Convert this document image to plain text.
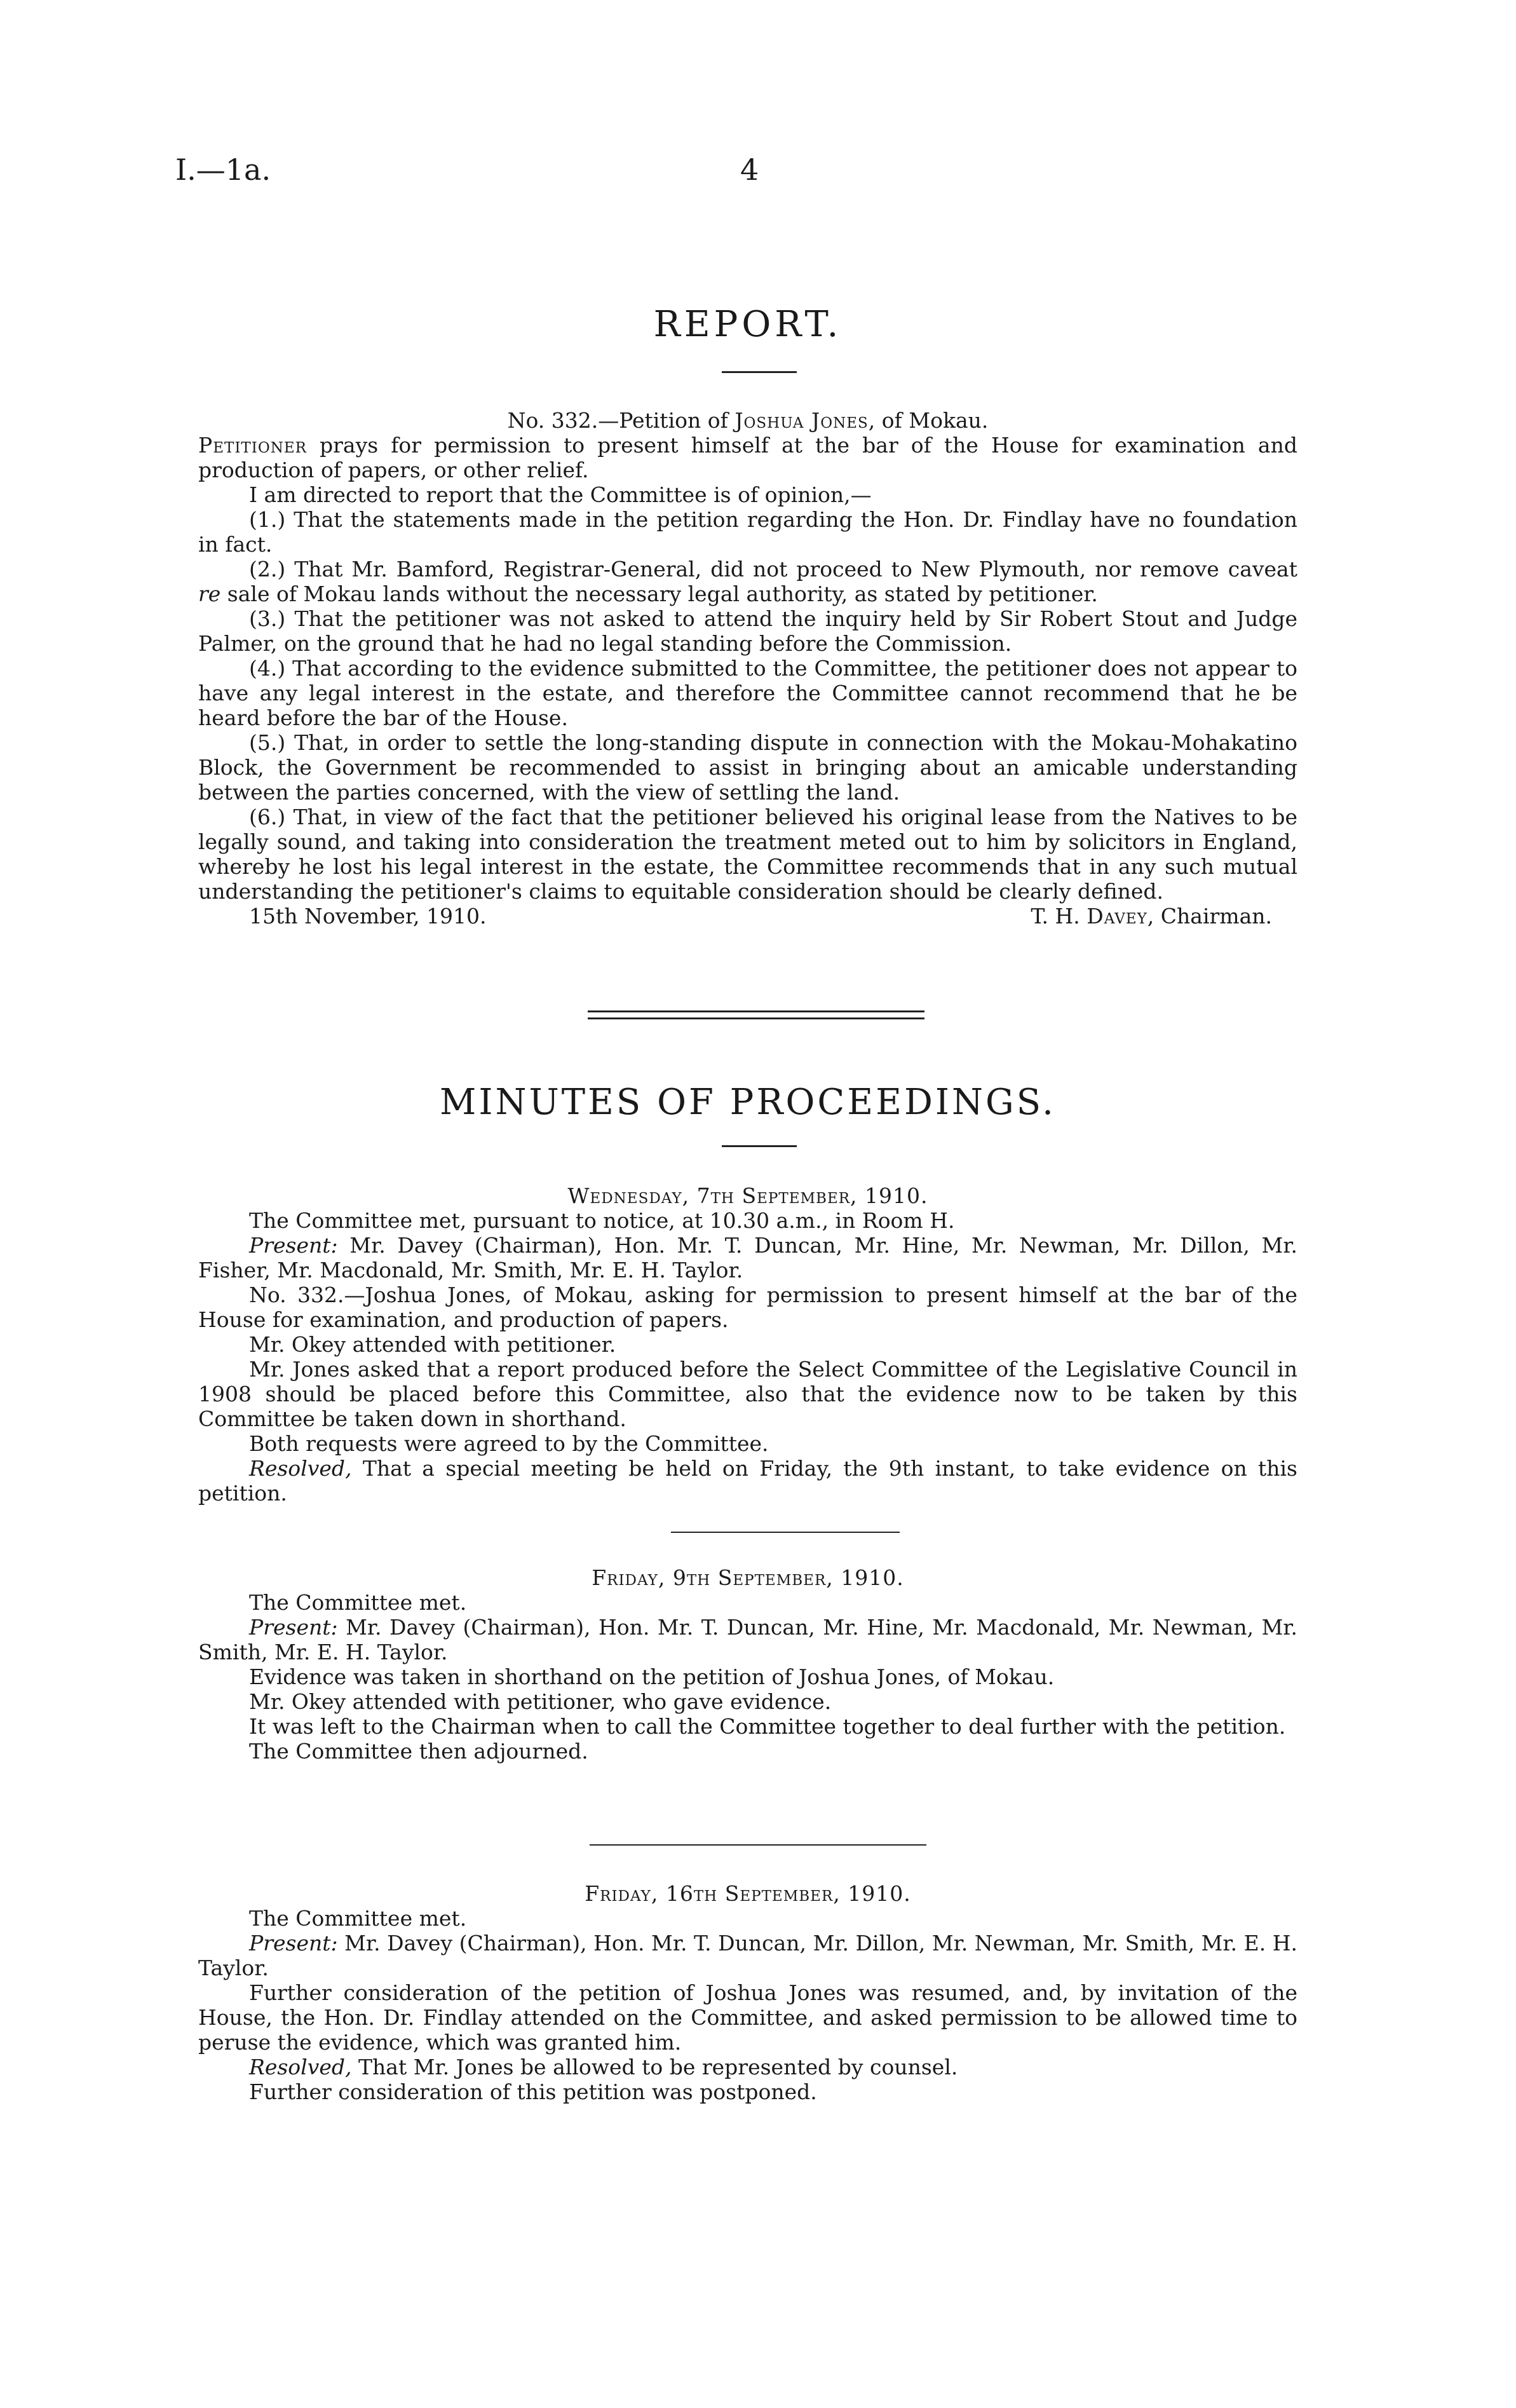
I.—1a.	4
REPORT.

No. 332.—Petition of Joshua Jones, of Mokau.

Petitioner prays for permission to present himself at the bar of the House for examination and production of papers, or other relief.

I am directed to report that the Committee is of opinion,—

(1.) That the statements made in the petition regarding the Hon. Dr. Findlay have no foundation in fact.

(2.) That Mr. Bamford, Registrar-General, did not proceed to New Plymouth, nor remove caveat re sale of Mokau lands without the necessary legal authority, as stated by petitioner.

(3.) That the petitioner was not asked to attend the inquiry held by Sir Robert Stout and Judge Palmer, on the ground that he had no legal standing before the Commission.

(4.) That according to the evidence submitted to the Committee, the petitioner does not appear to have any legal interest in the estate, and therefore the Committee cannot recommend that he be heard before the bar of the House.

(5.) That, in order to settle the long-standing dispute in connection with the Mokau-Mohakatino Block, the Government be recommended to assist in bringing about an amicable understanding between the parties concerned, with the view of settling the land.

(6.) That, in view of the fact that the petitioner believed his original lease from the Natives to be legally sound, and taking into consideration the treatment meted out to him by solicitors in England, whereby he lost his legal interest in the estate, the Committee recommends that in any such mutual understanding the petitioner's claims to equitable consideration should be clearly defined.

15th November, 1910.	T. H. Davey, Chairman.
MINUTES OF PROCEEDINGS.

Wednesday, 7th September, 1910.

The Committee met, pursuant to notice, at 10.30 a.m., in Room H.

Present: Mr. Davey (Chairman), Hon. Mr. T. Duncan, Mr. Hine, Mr. Newman, Mr. Dillon, Mr. Fisher, Mr. Macdonald, Mr. Smith, Mr. E. H. Taylor.

No. 332.—Joshua Jones, of Mokau, asking for permission to present himself at the bar of the House for examination, and production of papers.

Mr. Okey attended with petitioner.

Mr. Jones asked that a report produced before the Select Committee of the Legislative Council in 1908 should be placed before this Committee, also that the evidence now to be taken by this Committee be taken down in shorthand.

Both requests were agreed to by the Committee.

Resolved, That a special meeting be held on Friday, the 9th instant, to take evidence on this petition.

Friday, 9th September, 1910.

The Committee met.

Present: Mr. Davey (Chairman), Hon. Mr. T. Duncan, Mr. Hine, Mr. Macdonald, Mr. Newman, Mr. Smith, Mr. E. H. Taylor.

Evidence was taken in shorthand on the petition of Joshua Jones, of Mokau.

Mr. Okey attended with petitioner, who gave evidence.

It was left to the Chairman when to call the Committee together to deal further with the petition.

The Committee then adjourned.

Friday, 16th September, 1910.

The Committee met.

Present: Mr. Davey (Chairman), Hon. Mr. T. Duncan, Mr. Dillon, Mr. Newman, Mr. Smith, Mr. E. H. Taylor.

Further consideration of the petition of Joshua Jones was resumed, and, by invitation of the House, the Hon. Dr. Findlay attended on the Committee, and asked permission to be allowed time to peruse the evidence, which was granted him.

Resolved, That Mr. Jones be allowed to be represented by counsel.

Further consideration of this petition was postponed.
